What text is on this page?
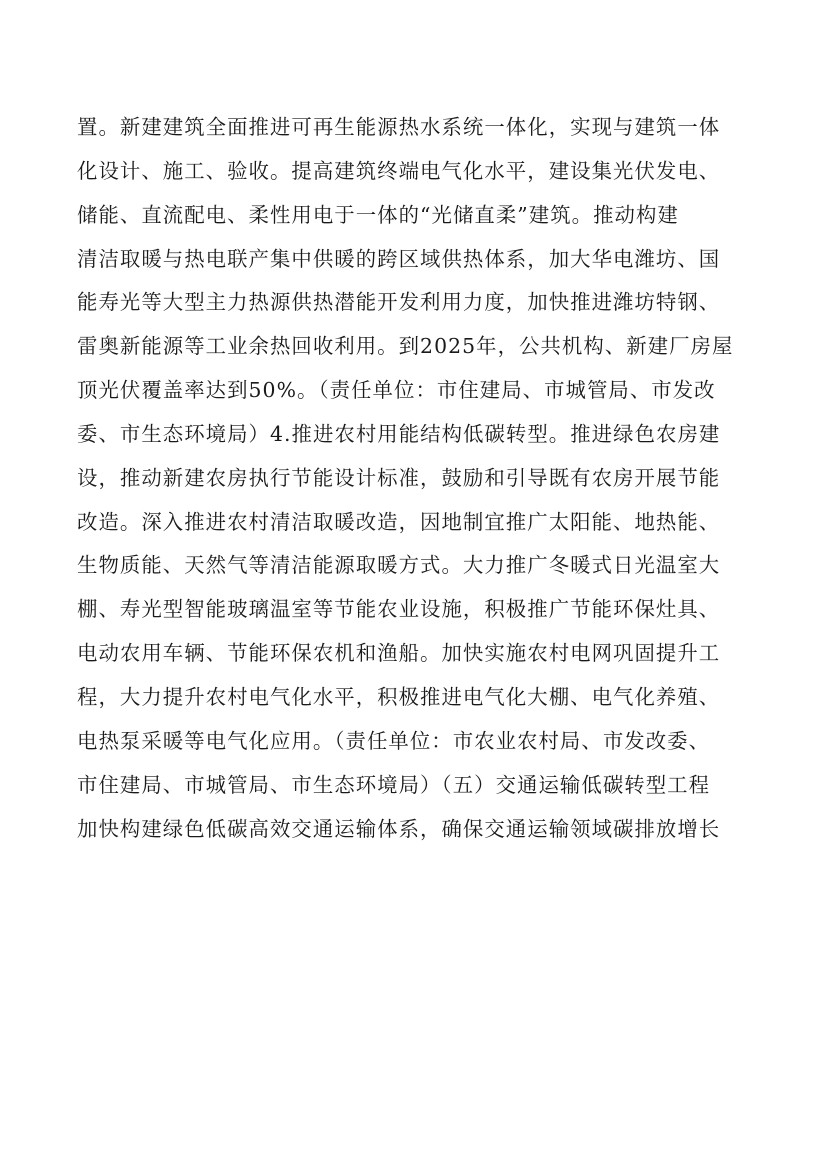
置。新建建筑全面推进可再生能源热水系统一体化，实现与建筑一体
化设计、施工、验收。提高建筑终端电气化水平，建设集光伏发电、
储能、直流配电、柔性用电于一体的“光储直柔”建筑。推动构建
清洁取暖与热电联产集中供暖的跨区域供热体系，加大华电潍坊、国
能寿光等大型主力热源供热潜能开发利用力度，加快推进潍坊特钢、
雷奥新能源等工业余热回收利用。到2025年，公共机构、新建厂房屋
顶光伏覆盖率达到50%。（责任单位：市住建局、市城管局、市发改
委、市生态环境局）4.推进农村用能结构低碳转型。推进绿色农房建
设，推动新建农房执行节能设计标准，鼓励和引导既有农房开展节能
改造。深入推进农村清洁取暖改造，因地制宜推广太阳能、地热能、
生物质能、天然气等清洁能源取暖方式。大力推广冬暖式日光温室大
棚、寿光型智能玻璃温室等节能农业设施，积极推广节能环保灶具、
电动农用车辆、节能环保农机和渔船。加快实施农村电网巩固提升工
程，大力提升农村电气化水平，积极推进电气化大棚、电气化养殖、
电热泵采暖等电气化应用。（责任单位：市农业农村局、市发改委、
市住建局、市城管局、市生态环境局）（五）交通运输低碳转型工程
加快构建绿色低碳高效交通运输体系，确保交通运输领域碳排放增长
